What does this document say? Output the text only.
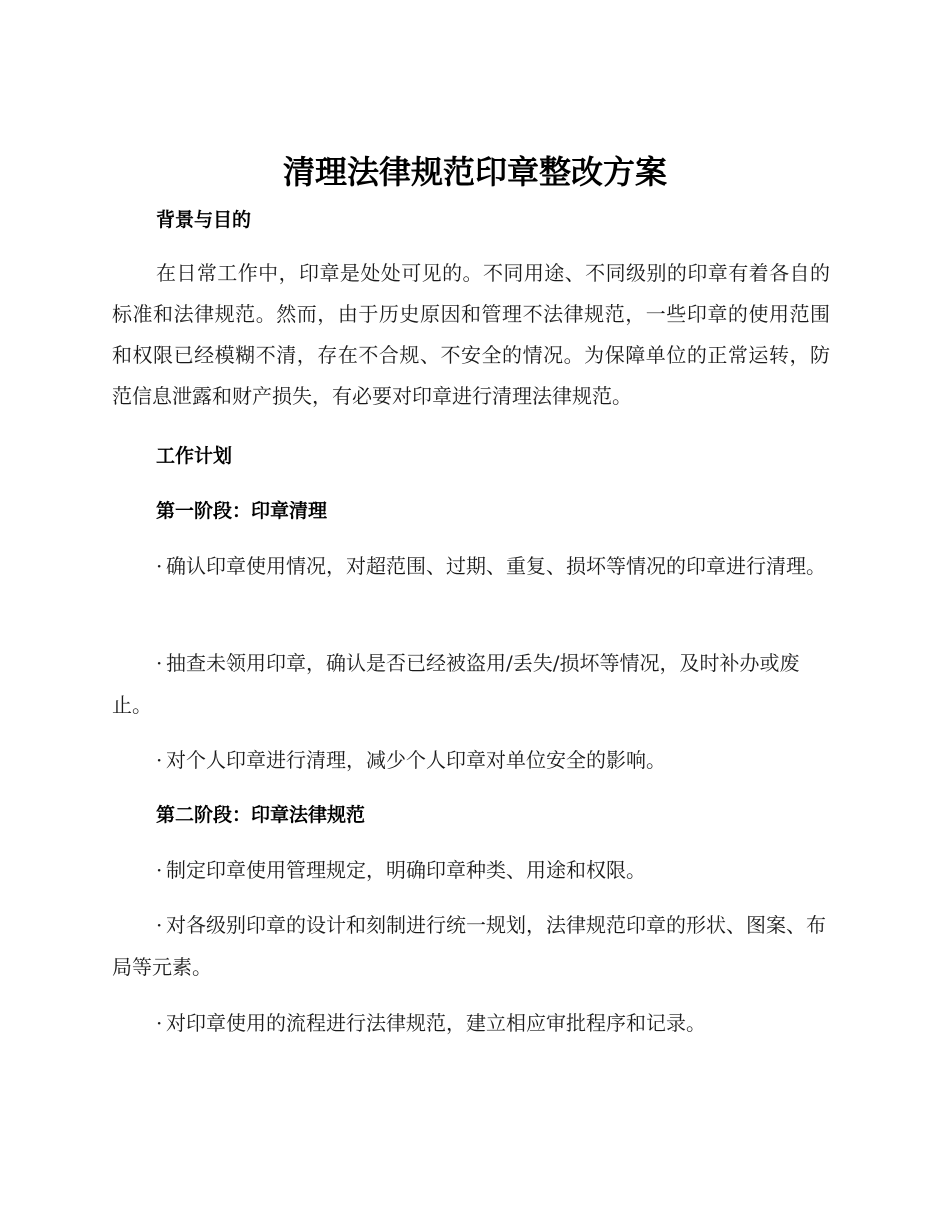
清理法律规范印章整改方案

背景与目的

在日常工作中，印章是处处可见的。不同用途、不同级别的印章有着各自的标准和法律规范。然而，由于历史原因和管理不法律规范，一些印章的使用范围和权限已经模糊不清，存在不合规、不安全的情况。为保障单位的正常运转，防范信息泄露和财产损失，有必要对印章进行清理法律规范。

工作计划

第一阶段：印章清理

· 确认印章使用情况，对超范围、过期、重复、损坏等情况的印章进行清理。

· 抽查未领用印章，确认是否已经被盗用/丢失/损坏等情况，及时补办或废止。

· 对个人印章进行清理，减少个人印章对单位安全的影响。

第二阶段：印章法律规范

· 制定印章使用管理规定，明确印章种类、用途和权限。

· 对各级别印章的设计和刻制进行统一规划，法律规范印章的形状、图案、布局等元素。

· 对印章使用的流程进行法律规范，建立相应审批程序和记录。
